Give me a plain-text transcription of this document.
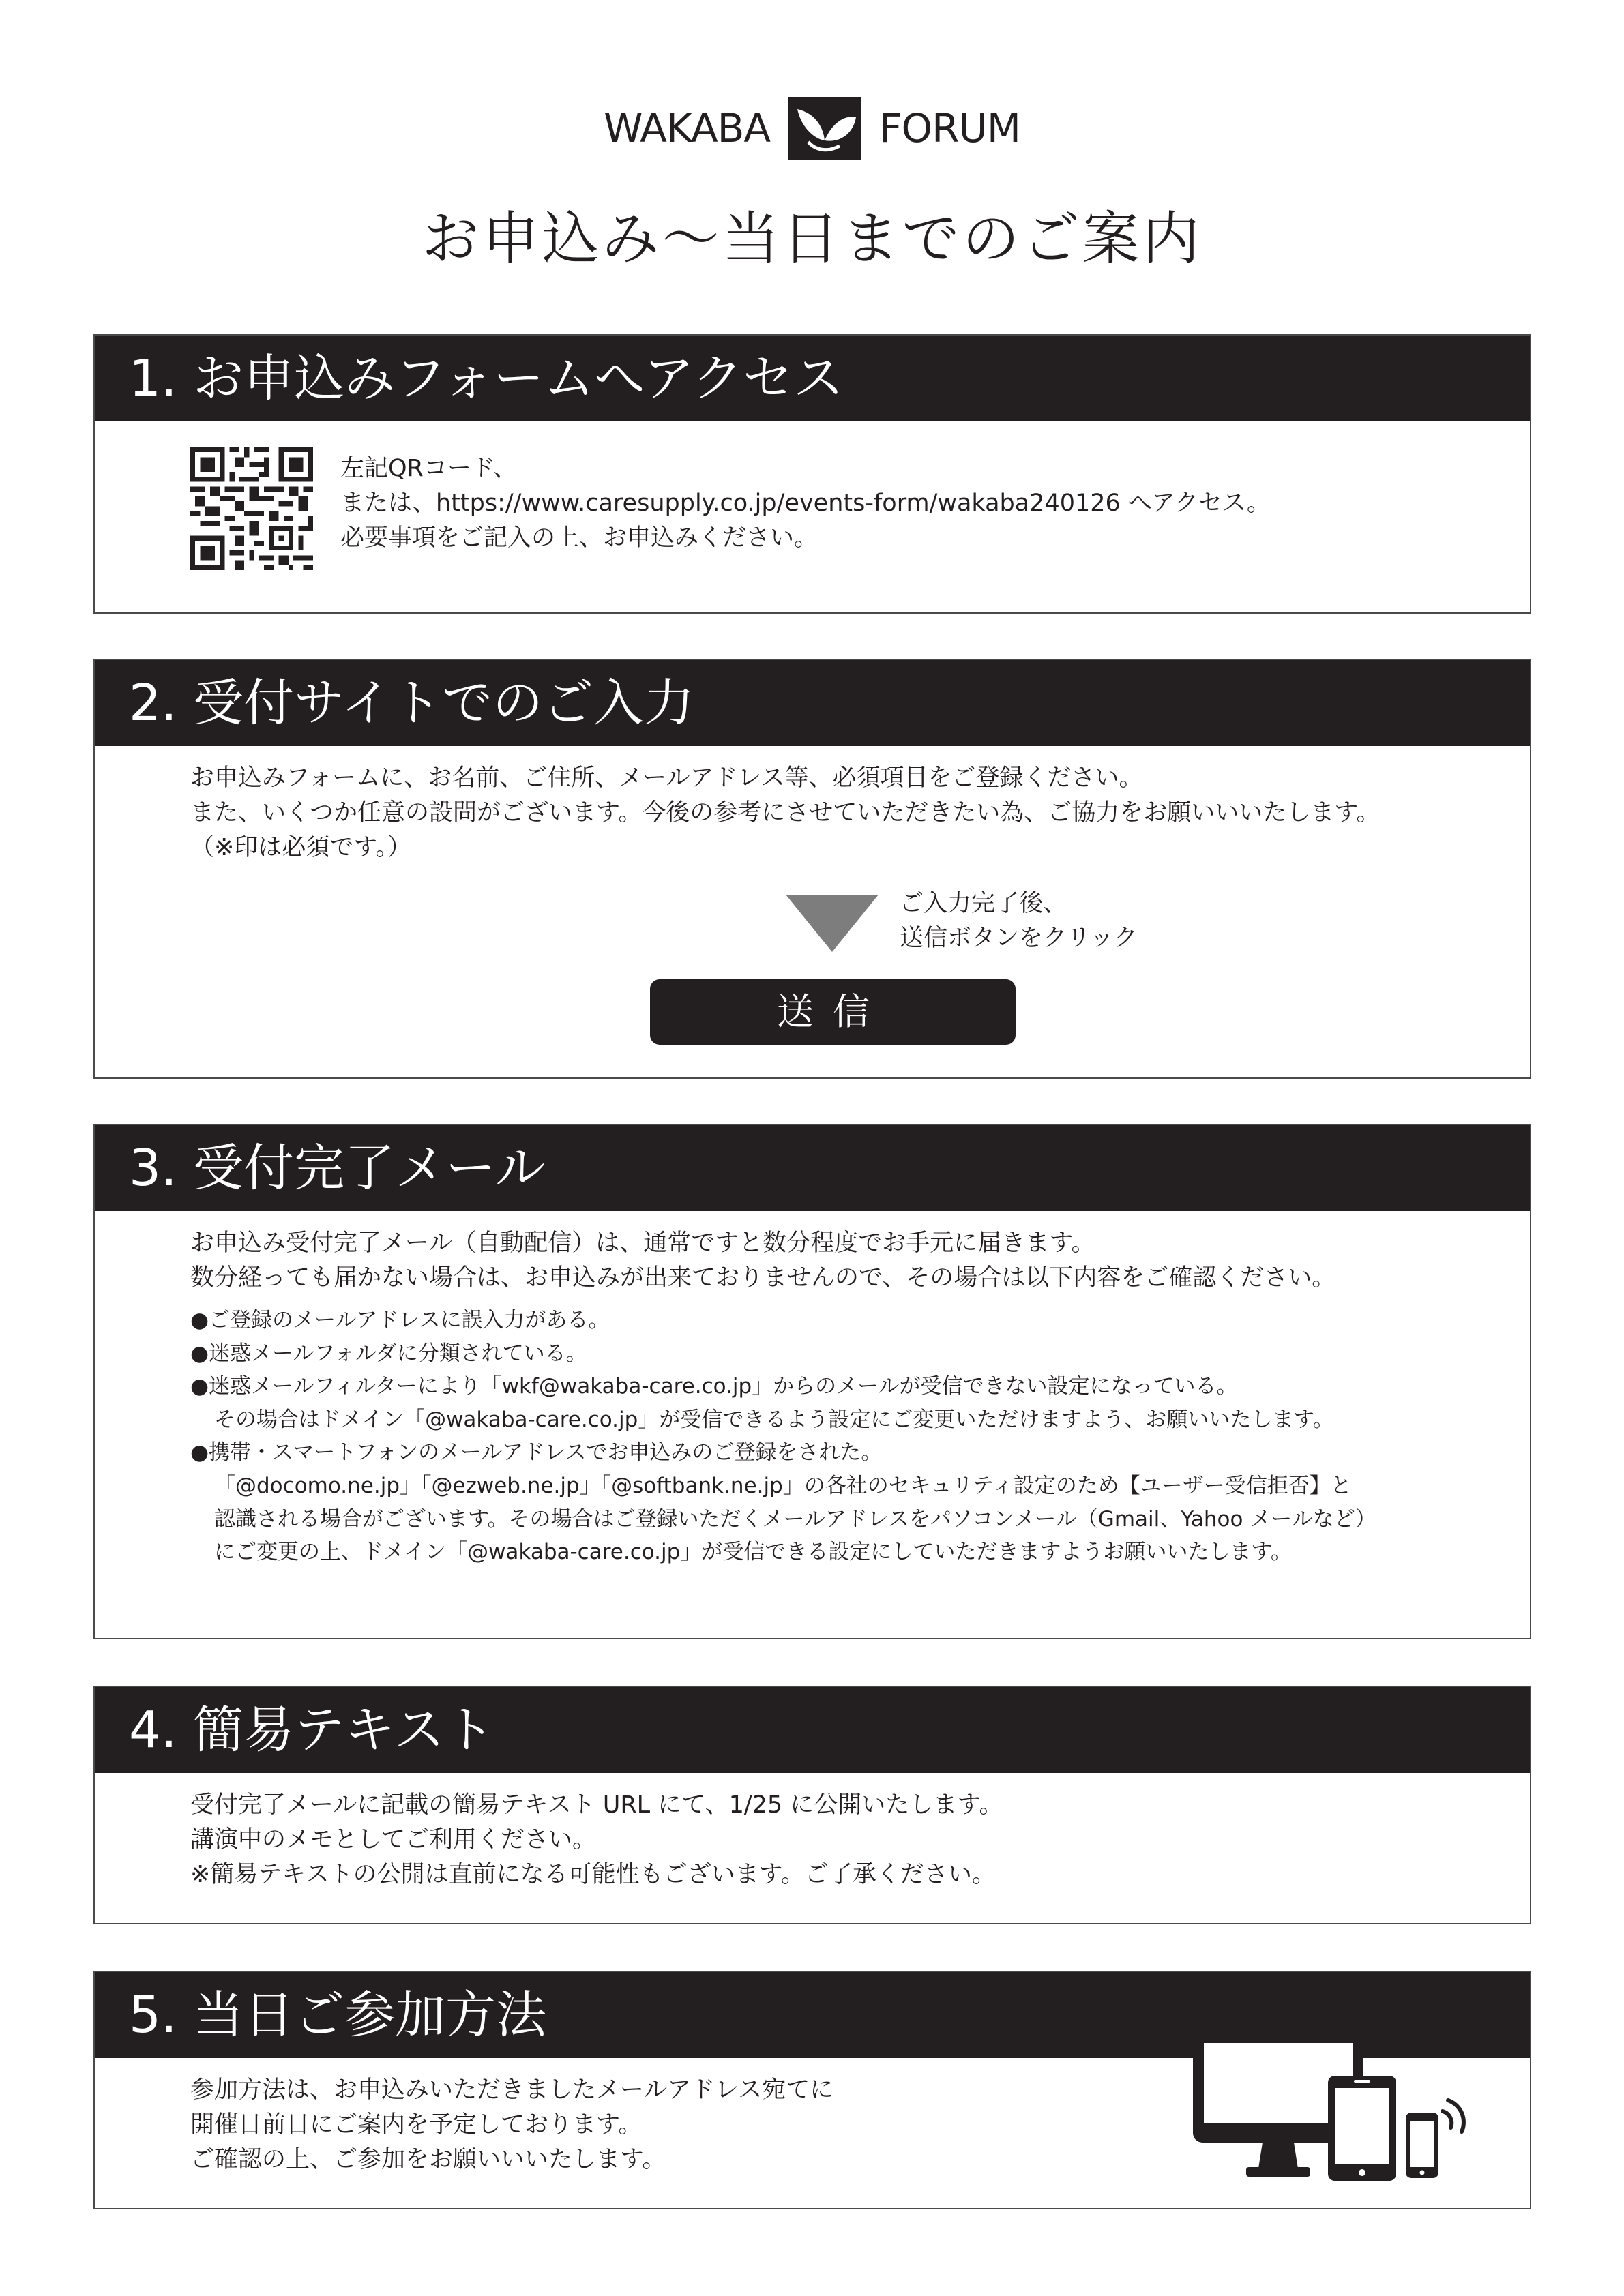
WAKABA	FORUM
お申込み〜当日までのご案内
1. お申込みフォームへアクセス

左記QRコード、

または、https://www.caresupply.co.jp/events-form/wakaba240126 へアクセス。

必要事項をご記入の上、お申込みください。

2. 受付サイトでのご入力

お申込みフォームに、お名前、ご住所、メールアドレス等、必須項目をご登録ください。

また、いくつか任意の設問がございます。今後の参考にさせていただきたい為、ご協力をお願いいいたします。

（※印は必須です。）

ご入力完了後、

送信ボタンをクリック

送信
3. 受付完了メール

お申込み受付完了メール（自動配信）は、通常ですと数分程度でお手元に届きます。

数分経っても届かない場合は、お申込みが出来ておりませんので、その場合は以下内容をご確認ください。

●ご登録のメールアドレスに誤入力がある。

●迷惑メールフォルダに分類されている。

●迷惑メールフィルターにより「wkf@wakaba-care.co.jp」からのメールが受信できない設定になっている。

その場合はドメイン「@wakaba-care.co.jp」が受信できるよう設定にご変更いただけますよう、お願いいたします。

●携帯・スマートフォンのメールアドレスでお申込みのご登録をされた。

「@docomo.ne.jp」「@ezweb.ne.jp」「@softbank.ne.jp」の各社のセキュリティ設定のため【ユーザー受信拒否】と

認識される場合がございます。その場合はご登録いただくメールアドレスをパソコンメール（Gmail、Yahoo メールなど）

にご変更の上、ドメイン「@wakaba-care.co.jp」が受信できる設定にしていただきますようお願いいたします。

4. 簡易テキスト

受付完了メールに記載の簡易テキスト URL にて、1/25 に公開いたします。

講演中のメモとしてご利用ください。

※簡易テキストの公開は直前になる可能性もございます。ご了承ください。

5. 当日ご参加方法

参加方法は、お申込みいただきましたメールアドレス宛てに

開催日前日にご案内を予定しております。

ご確認の上、ご参加をお願いいいたします。
